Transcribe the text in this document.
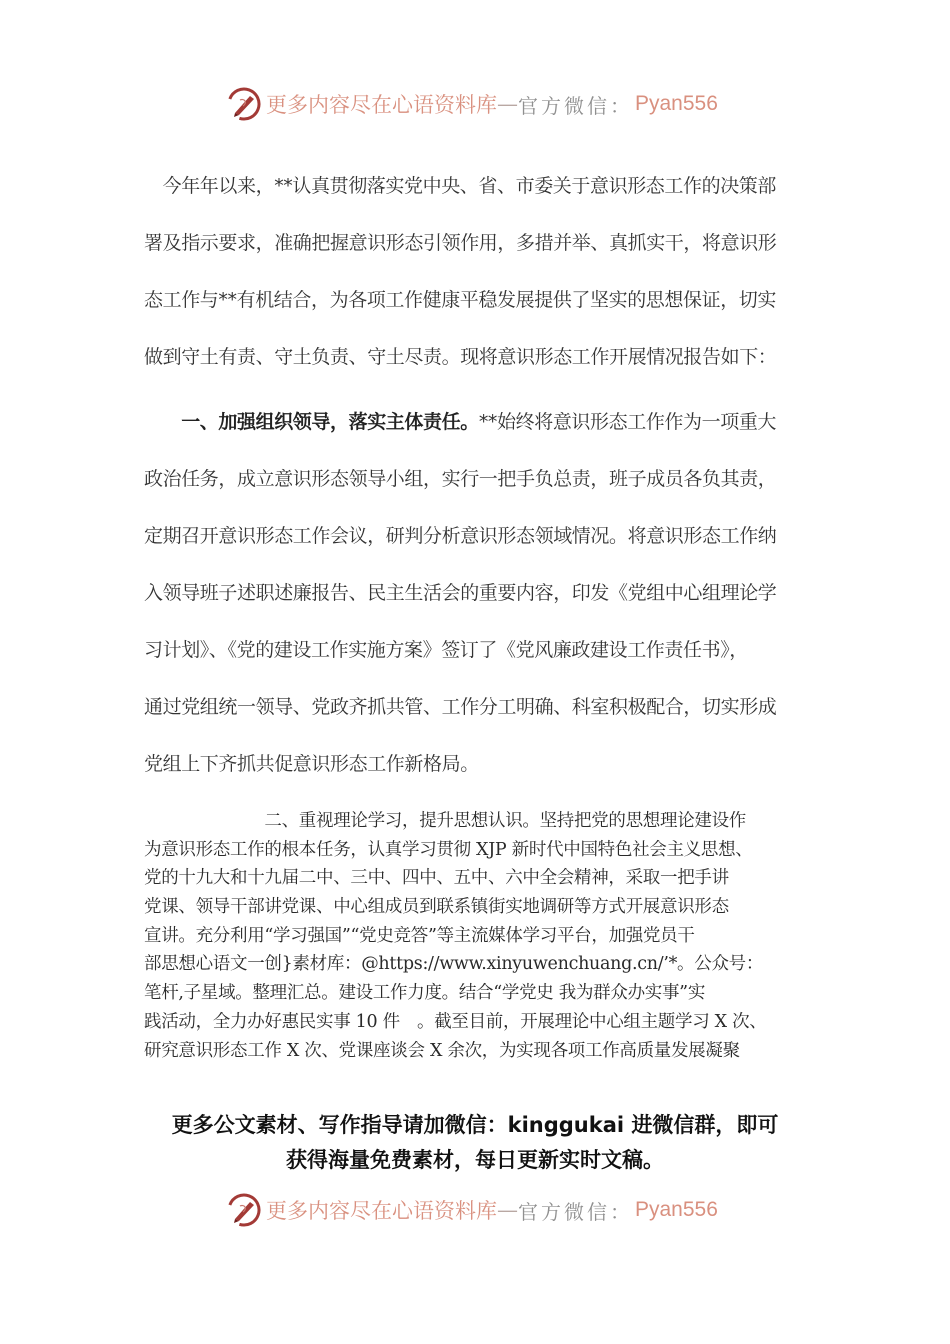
更多内容尽在心语资料库 — 官方微信： Pyan556
　今年年以来，**认真贯彻落实党中央、省、市委关于意识形态工作的决策部
署及指示要求，准确把握意识形态引领作用，多措并举、真抓实干，将意识形
态工作与**有机结合，为各项工作健康平稳发展提供了坚实的思想保证，切实
做到守土有责、守土负责、守土尽责。现将意识形态工作开展情况报告如下：
　　一、加强组织领导，落实主体责任。**始终将意识形态工作作为一项重大
政治任务，成立意识形态领导小组，实行一把手负总责，班子成员各负其责，
定期召开意识形态工作会议，研判分析意识形态领域情况。将意识形态工作纳
入领导班子述职述廉报告、民主生活会的重要内容，印发《党组中心组理论学
习计划》、《党的建设工作实施方案》签订了《党风廉政建设工作责任书》，
通过党组统一领导、党政齐抓共管、工作分工明确、科室积极配合，切实形成
党组上下齐抓共促意识形态工作新格局。
　　　　　　　二、重视理论学习，提升思想认识。坚持把党的思想理论建设作
为意识形态工作的根本任务，认真学习贯彻 XJP 新时代中国特色社会主义思想、
党的十九大和十九届二中、三中、四中、五中、六中全会精神，采取一把手讲
党课、领导干部讲党课、中心组成员到联系镇街实地调研等方式开展意识形态
宣讲。充分利用“学习强国”“党史竞答”等主流媒体学习平台，加强党员干
部思想心语文一创}素材库：@https://www.xinyuwenchuang.cn/’*。公众号：
笔杆,子星域。整理汇总。建设工作力度。结合“学党史 我为群众办实事”实
践活动，全力办好惠民实事 10 件　。截至目前，开展理论中心组主题学习 X 次、
研究意识形态工作 X 次、党课座谈会 X 余次，为实现各项工作高质量发展凝聚
更多公文素材、写作指导请加微信：kinggukai 进微信群，即可
获得海量免费素材，每日更新实时文稿。
更多内容尽在心语资料库 — 官方微信： Pyan556
